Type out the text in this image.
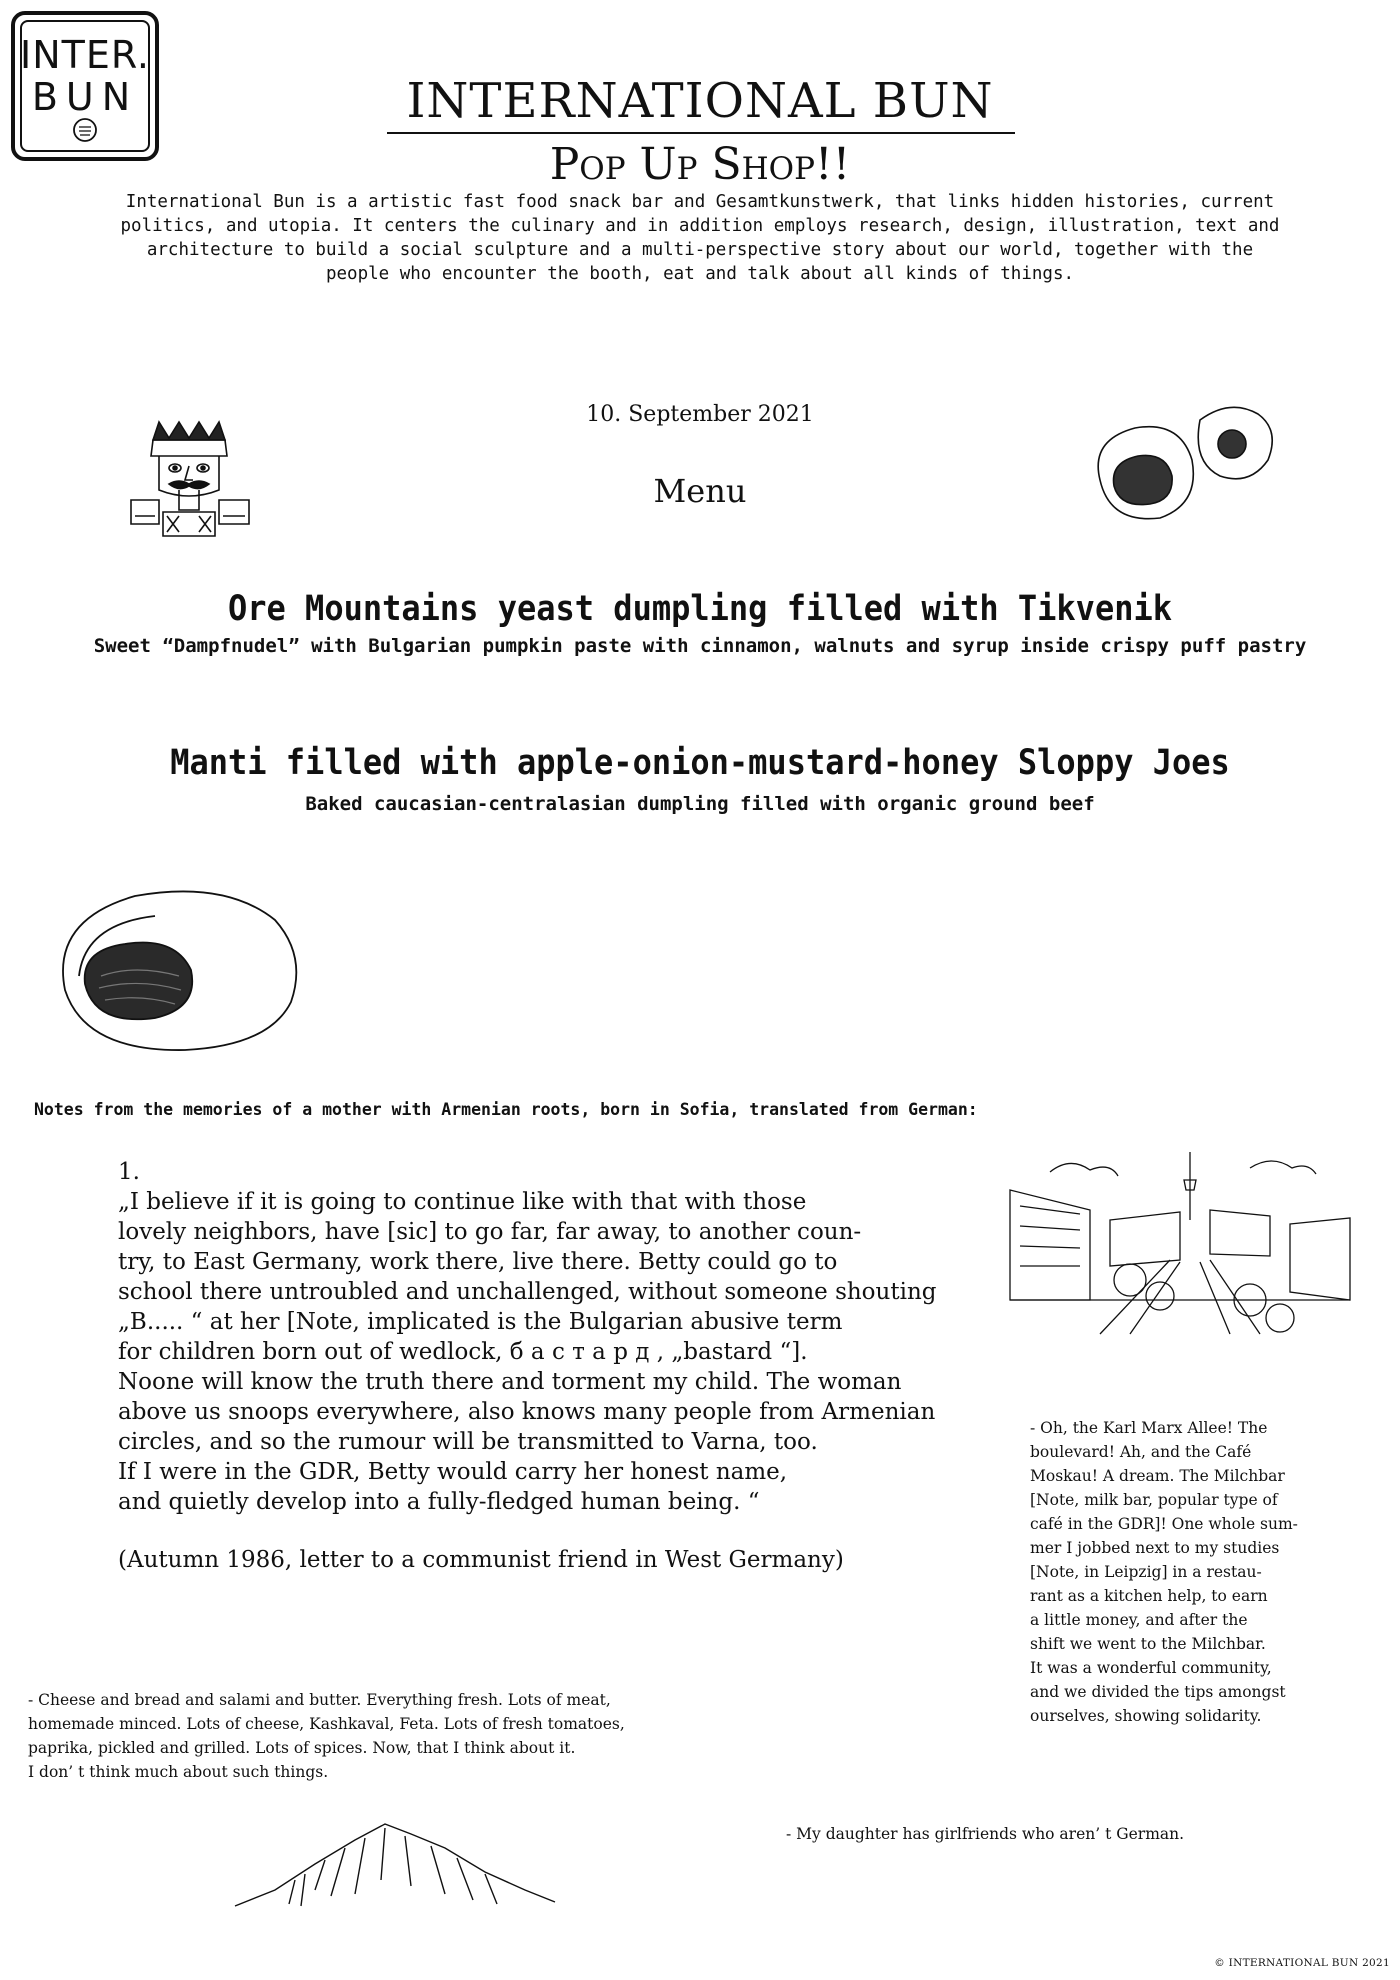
INTER.
BUN	INTERNATIONAL BUN
Pop Up Shop!!
International Bun is a artistic fast food snack bar and Gesamtkunstwerk, that links hidden histories, current politics, and utopia. It centers the culinary and in addition employs research, design, illustration, text and architecture to build a social sculpture and a multi-perspective story about our world, together with the people who encounter the booth, eat and talk about all kinds of things.
10. September 2021
Menu
Ore Mountains yeast dumpling filled with Tikvenik
Sweet “Dampfnudel” with Bulgarian pumpkin paste with cinnamon, walnuts and syrup inside crispy puff pastry
Manti filled with apple-onion-mustard-honey Sloppy Joes
Baked caucasian-centralasian dumpling filled with organic ground beef
Notes from the memories of a mother with Armenian roots, born in Sofia, translated from German:

1.

„I believe if it is going to continue like with that with those
lovely neighbors, have [sic] to go far, far away, to another coun-
try, to East Germany, work there, live there. Betty could go to
school there untroubled and unchallenged, without someone shouting
„B..... “ at her [Note, implicated is the Bulgarian abusive term
for children born out of wedlock, б а с т а р д , „bastard “].
Noone will know the truth there and torment my child. The woman
above us snoops everywhere, also knows many people from Armenian
circles, and so the rumour will be transmitted to Varna, too.
If I were in the GDR, Betty would carry her honest name,
and quietly develop into a fully-fledged human being. “

(Autumn 1986, letter to a communist friend in West Germany)

- Oh, the Karl Marx Allee! The
boulevard! Ah, and the Café
Moskau! A dream. The Milchbar
[Note, milk bar, popular type of
café in the GDR]! One whole sum-
mer I jobbed next to my studies
[Note, in Leipzig] in a restau-
rant as a kitchen help, to earn
a little money, and after the
shift we went to the Milchbar.
It was a wonderful community,
and we divided the tips amongst
ourselves, showing solidarity.
- Cheese and bread and salami and butter. Everything fresh. Lots of meat,
homemade minced. Lots of cheese, Kashkaval, Feta. Lots of fresh tomatoes,
paprika, pickled and grilled. Lots of spices. Now, that I think about it.
I don’ t think much about such things.
- My daughter has girlfriends who aren’ t German.
© INTERNATIONAL BUN 2021
